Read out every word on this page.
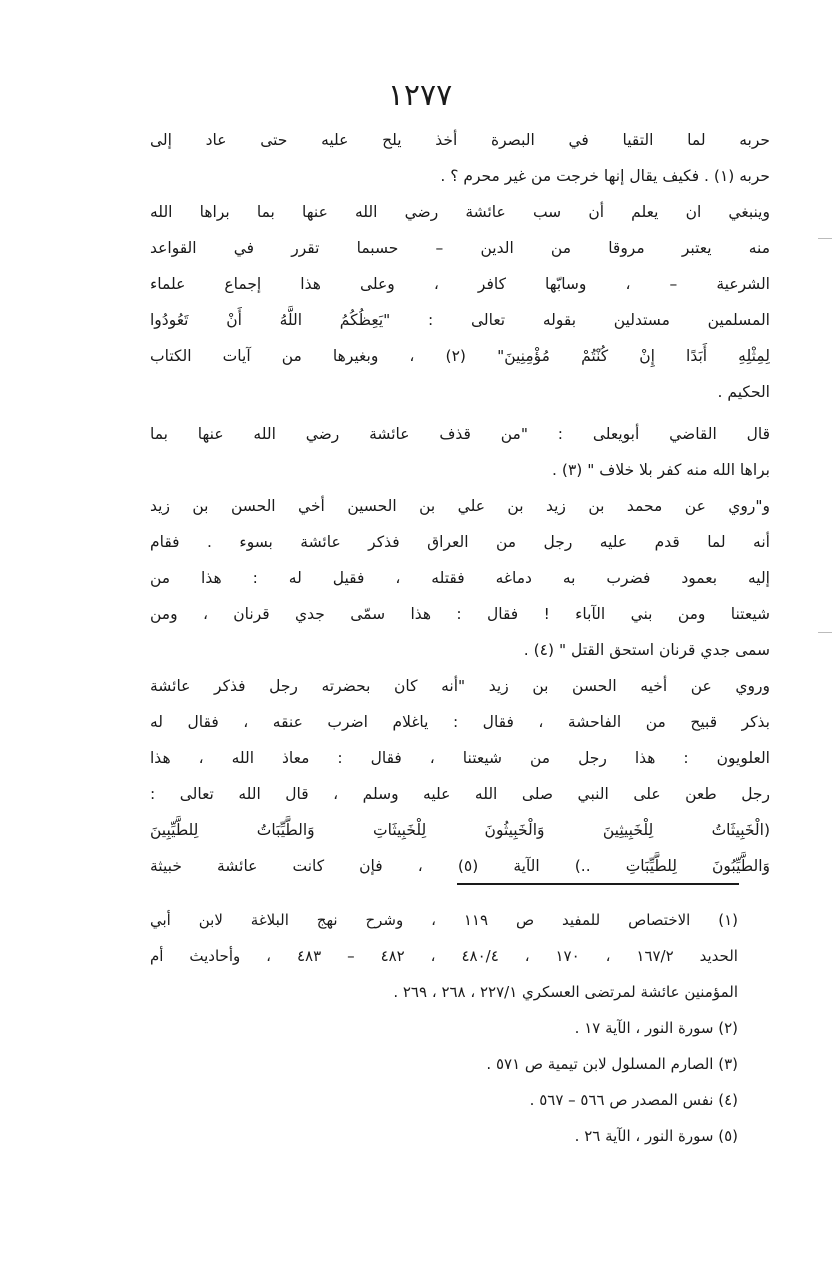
١٢٧٧
حربه لما التقيا في البصرة أخذ يلح عليه حتى عاد إلى
حربه (١) . فكيف يقال إنها خرجت من غير محرم ؟ .
وينبغي ان يعلم أن سب عائشة رضي الله عنها بما براها الله
منه يعتبر مروقا من الدين – حسبما تقرر في القواعد
الشرعية – ، وسابّها كافر ، وعلى هذا إجماع علماء
المسلمين مستدلين بقوله تعالى : "يَعِظُكُمُ اللَّهُ أَنْ تَعُودُوا
لِمِثْلِهِ أَبَدًا إِنْ كُنْتُمْ مُؤْمِنِينَ" (٢) ، وبغيرها من آيات الكتاب
الحكيم .
قال القاضي أبويعلى : "من قذف عائشة رضي الله عنها بما
براها الله منه كفر بلا خلاف " (٣) .
و"روي عن محمد بن زيد بن علي بن الحسين أخي الحسن بن زيد
أنه لما قدم عليه رجل من العراق فذكر عائشة بسوء . فقام
إليه بعمود فضرب به دماغه فقتله ، فقيل له : هذا من
شيعتنا ومن بني الآباء ! فقال : هذا سمّى جدي قرنان ، ومن
سمى جدي قرنان استحق القتل " (٤) .
وروي عن أخيه الحسن بن زيد "أنه كان بحضرته رجل فذكر عائشة
بذكر قبيح من الفاحشة ، فقال : ياغلام اضرب عنقه ، فقال له
العلويون : هذا رجل من شيعتنا ، فقال : معاذ الله ، هذا
رجل طعن على النبي صلى الله عليه وسلم ، قال الله تعالى :
(الْخَبِيثَاتُ لِلْخَبِيثِينَ وَالْخَبِيثُونَ لِلْخَبِيثَاتِ وَالطَّيِّبَاتُ لِلطَّيِّبِينَ
وَالطَّيِّبُونَ لِلطَّيِّبَاتِ ..) الآية (٥) ، فإن كانت عائشة خبيثة
(١) الاختصاص للمفيد ص ١١٩ ، وشرح نهج البلاغة لابن أبي
الحديد ١٦٧/٢ ، ١٧٠ ، ٤٨٠/٤ ، ٤٨٢ – ٤٨٣ ، وأحاديث أم
المؤمنين عائشة لمرتضى العسكري ٢٢٧/١ ، ٢٦٨ ، ٢٦٩ .
(٢) سورة النور ، الآية ١٧ .
(٣) الصارم المسلول لابن تيمية ص ٥٧١ .
(٤) نفس المصدر ص ٥٦٦ – ٥٦٧ .
(٥) سورة النور ، الآية ٢٦ .
